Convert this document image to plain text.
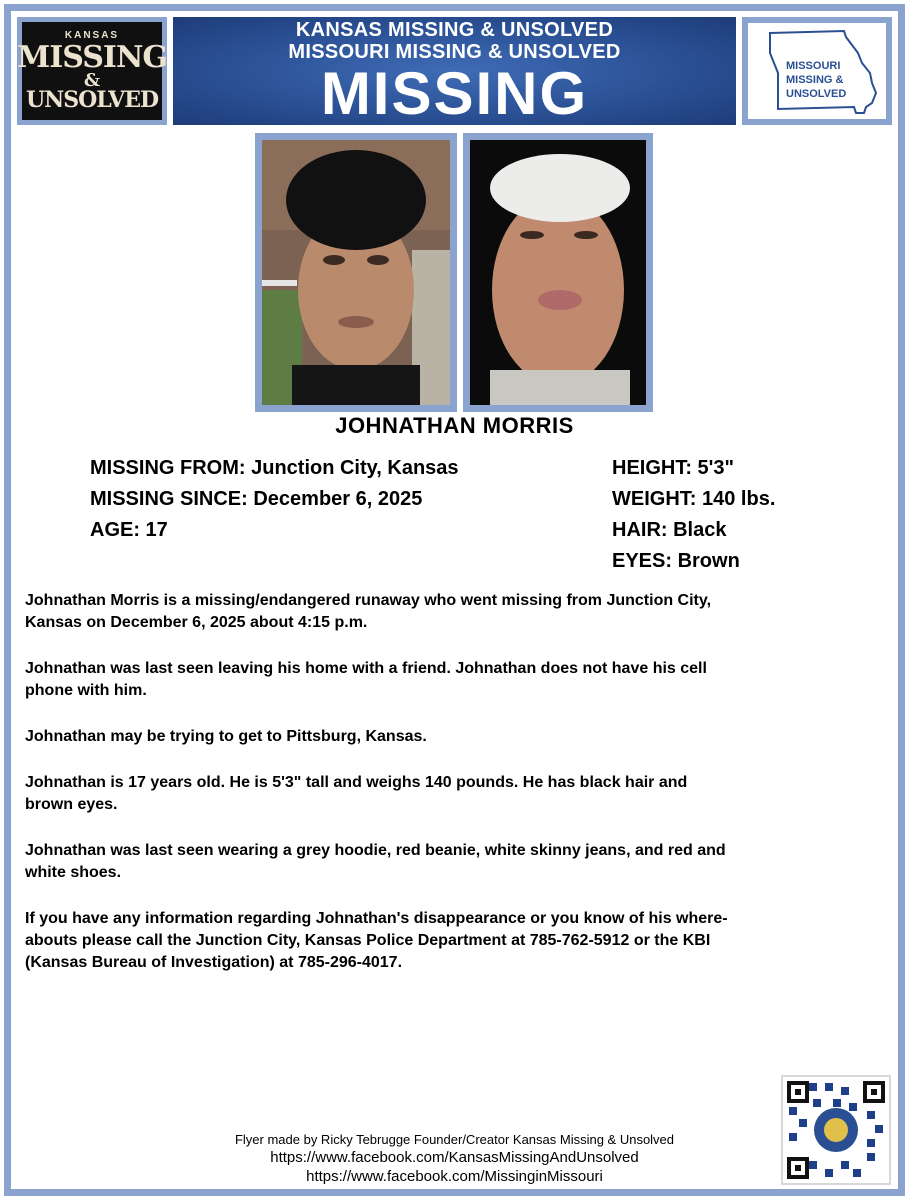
KANSAS
MISSING
&
UNSOLVED
KANSAS MISSING & UNSOLVED
MISSOURI MISSING & UNSOLVED
MISSING	MISSOURI
MISSING &
UNSOLVED
JOHNATHAN MORRIS
MISSING FROM: Junction City, Kansas
MISSING SINCE: December 6, 2025
AGE: 17
HEIGHT: 5'3"
WEIGHT: 140 lbs.
HAIR: Black
EYES: Brown

Johnathan Morris is a missing/endangered runaway who went missing from Junction City,
Kansas on December 6, 2025 about 4:15 p.m.

Johnathan was last seen leaving his home with a friend. Johnathan does not have his cell
phone with him.

Johnathan may be trying to get to Pittsburg, Kansas.

Johnathan is 17 years old. He is 5'3" tall and weighs 140 pounds. He has black hair and
brown eyes.

Johnathan was last seen wearing a grey hoodie, red beanie, white skinny jeans, and red and
white shoes.

If you have any information regarding Johnathan's disappearance or you know of his where-
abouts please call the Junction City, Kansas Police Department at 785-762-5912 or the KBI
(Kansas Bureau of Investigation) at 785-296-4017.

Flyer made by Ricky Tebrugge Founder/Creator Kansas Missing & Unsolved
https://www.facebook.com/KansasMissingAndUnsolved
https://www.facebook.com/MissinginMissouri
